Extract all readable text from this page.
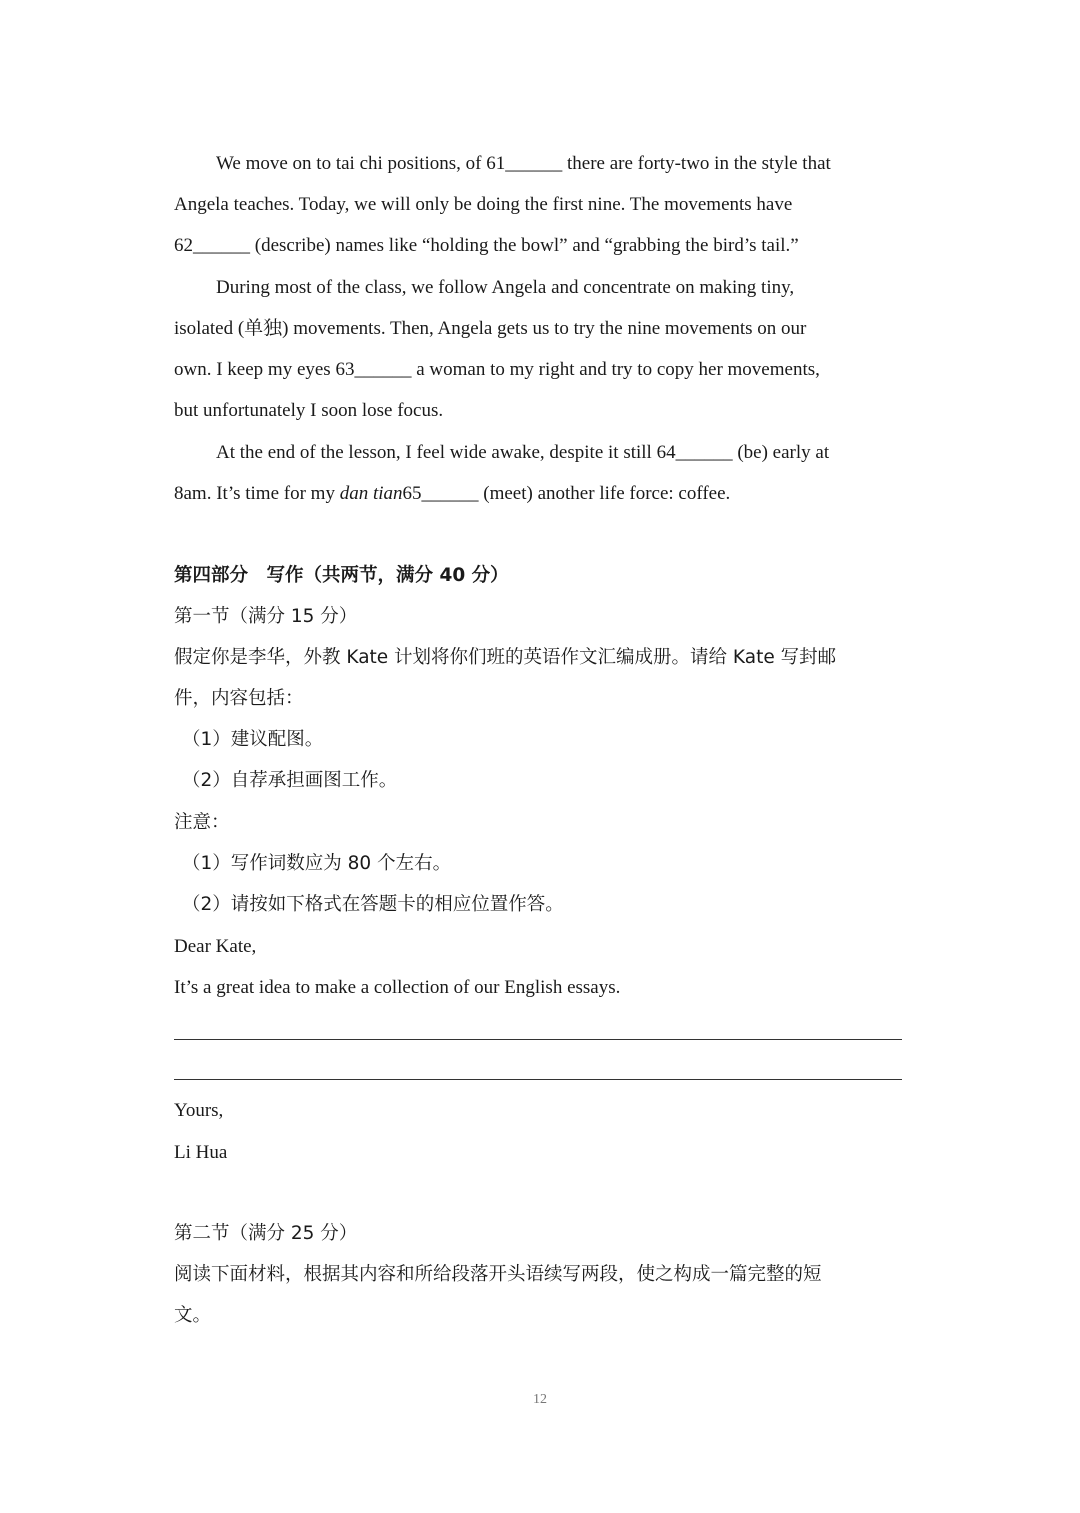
We move on to tai chi positions, of 61______ there are forty-two in the style that
Angela teaches. Today, we will only be doing the first nine. The movements have
62______ (describe) names like “holding the bowl” and “grabbing the bird’s tail.”
During most of the class, we follow Angela and concentrate on making tiny,
isolated (单独) movements. Then, Angela gets us to try the nine movements on our
own. I keep my eyes 63______ a woman to my right and try to copy her movements,
but unfortunately I soon lose focus.
At the end of the lesson, I feel wide awake, despite it still 64______ (be) early at
8am. It’s time for my dan tian65______ (meet) another life force: coffee.
第四部分　写作（共两节，满分 40 分）
第一节（满分 15 分）
假定你是李华，外教 Kate 计划将你们班的英语作文汇编成册。请给 Kate 写封邮
件，内容包括：
（1）建议配图。
（2）自荐承担画图工作。
注意：
（1）写作词数应为 80 个左右。
（2）请按如下格式在答题卡的相应位置作答。
Dear Kate,
It’s a great idea to make a collection of our English essays.
Yours,
Li Hua
第二节（满分 25 分）
阅读下面材料，根据其内容和所给段落开头语续写两段，使之构成一篇完整的短
文。
12
